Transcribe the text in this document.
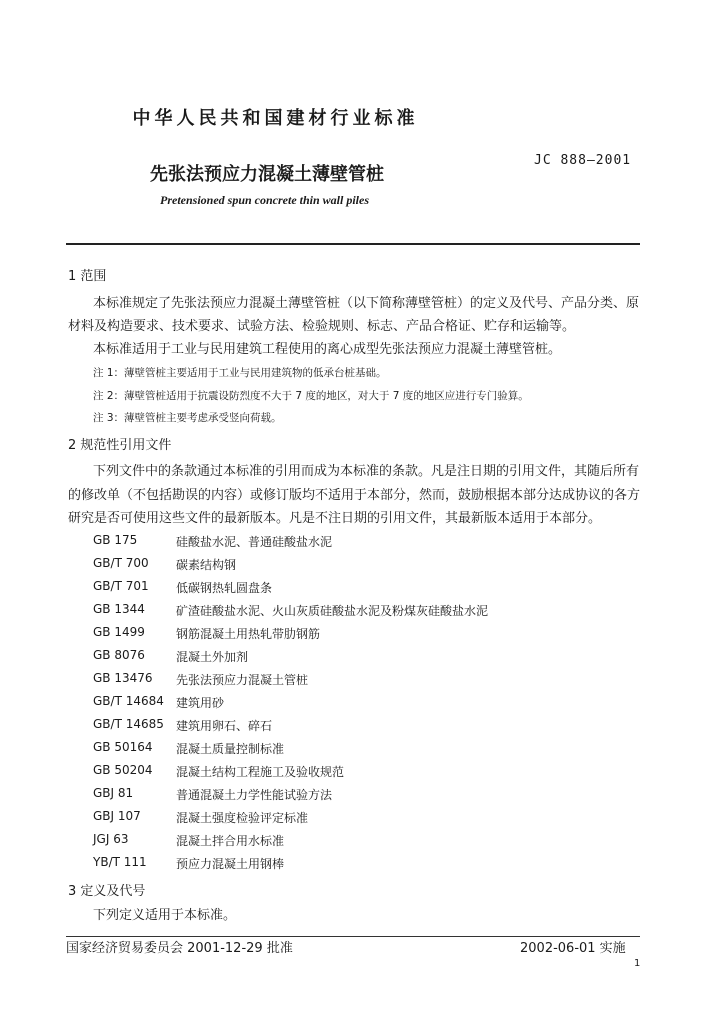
中华人民共和国建材行业标准
JC 888—2001
先张法预应力混凝土薄壁管桩
Pretensioned spun concrete thin wall piles
1 范围
本标准规定了先张法预应力混凝土薄壁管桩（以下简称薄壁管桩）的定义及代号、产品分类、原
材料及构造要求、技术要求、试验方法、检验规则、标志、产品合格证、贮存和运输等。
本标准适用于工业与民用建筑工程使用的离心成型先张法预应力混凝土薄壁管桩。
注 1：薄壁管桩主要适用于工业与民用建筑物的低承台桩基础。
注 2：薄壁管桩适用于抗震设防烈度不大于 7 度的地区，对大于 7 度的地区应进行专门验算。
注 3：薄壁管桩主要考虑承受竖向荷载。
2 规范性引用文件
下列文件中的条款通过本标准的引用而成为本标准的条款。凡是注日期的引用文件，其随后所有
的修改单（不包括勘误的内容）或修订版均不适用于本部分，然而，鼓励根据本部分达成协议的各方
研究是否可使用这些文件的最新版本。凡是不注日期的引用文件，其最新版本适用于本部分。
GB 175	硅酸盐水泥、普通硅酸盐水泥
GB/T 700	碳素结构钢
GB/T 701	低碳钢热轧圆盘条
GB 1344	矿渣硅酸盐水泥、火山灰质硅酸盐水泥及粉煤灰硅酸盐水泥
GB 1499	钢筋混凝土用热轧带肋钢筋
GB 8076	混凝土外加剂
GB 13476	先张法预应力混凝土管桩
GB/T 14684	建筑用砂
GB/T 14685	建筑用卵石、碎石
GB 50164	混凝土质量控制标准
GB 50204	混凝土结构工程施工及验收规范
GBJ 81	普通混凝土力学性能试验方法
GBJ 107	混凝土强度检验评定标准
JGJ 63	混凝土拌合用水标准
YB/T 111	预应力混凝土用钢棒
3 定义及代号
下列定义适用于本标准。
国家经济贸易委员会 2001-12-29 批准	2002-06-01 实施
1
